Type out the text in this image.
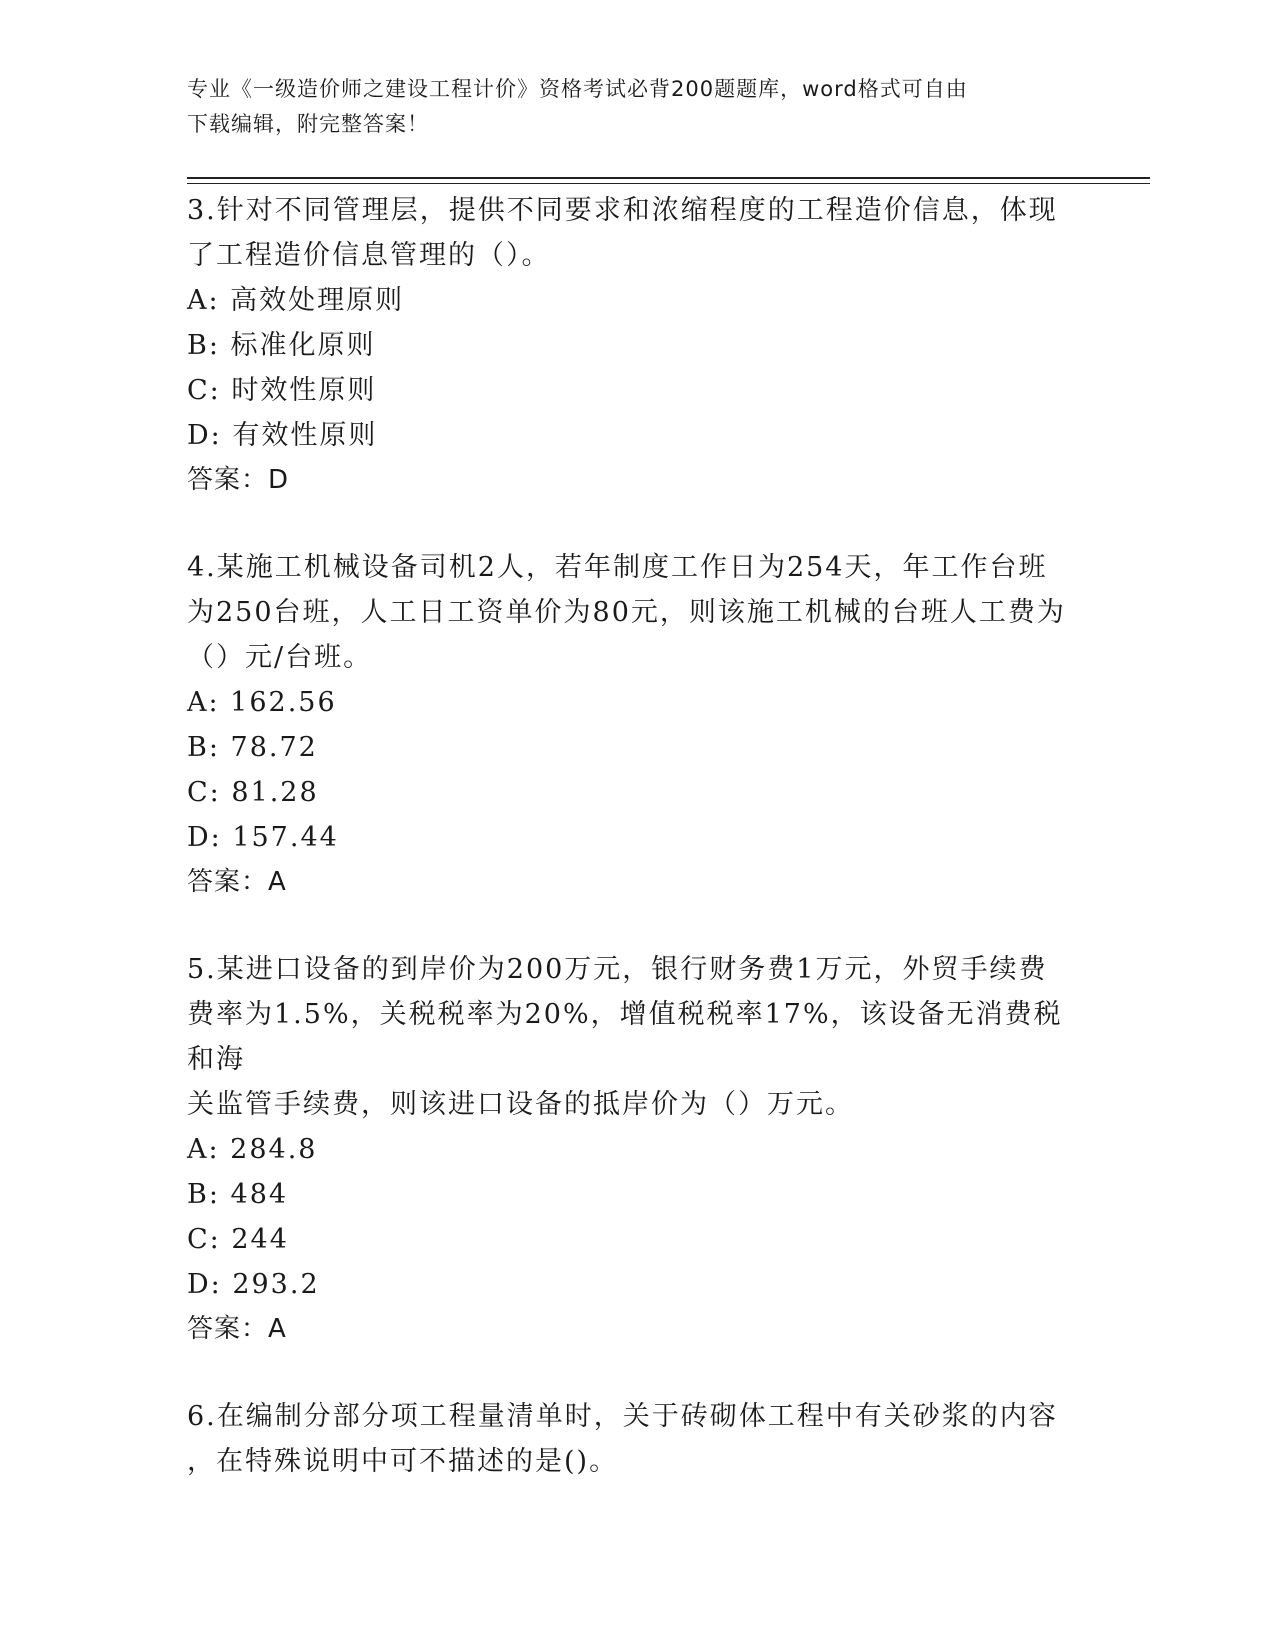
专业《一级造价师之建设工程计价》资格考试必背200题题库，word格式可自由
下载编辑，附完整答案！

3.针对不同管理层，提供不同要求和浓缩程度的工程造价信息，体现

了工程造价信息管理的（）。

A: 高效处理原则

B: 标准化原则

C: 时效性原则

D: 有效性原则

答案：D

4.某施工机械设备司机2人，若年制度工作日为254天，年工作台班

为250台班，人工日工资单价为80元，则该施工机械的台班人工费为

（）元/台班。

A: 162.56

B: 78.72

C: 81.28

D: 157.44

答案：A

5.某进口设备的到岸价为200万元，银行财务费1万元，外贸手续费

费率为1.5%，关税税率为20%，增值税税率17%，该设备无消费税和海

关监管手续费，则该进口设备的抵岸价为（）万元。

A: 284.8

B: 484

C: 244

D: 293.2

答案：A

6.在编制分部分项工程量清单时，关于砖砌体工程中有关砂浆的内容

，在特殊说明中可不描述的是()。
